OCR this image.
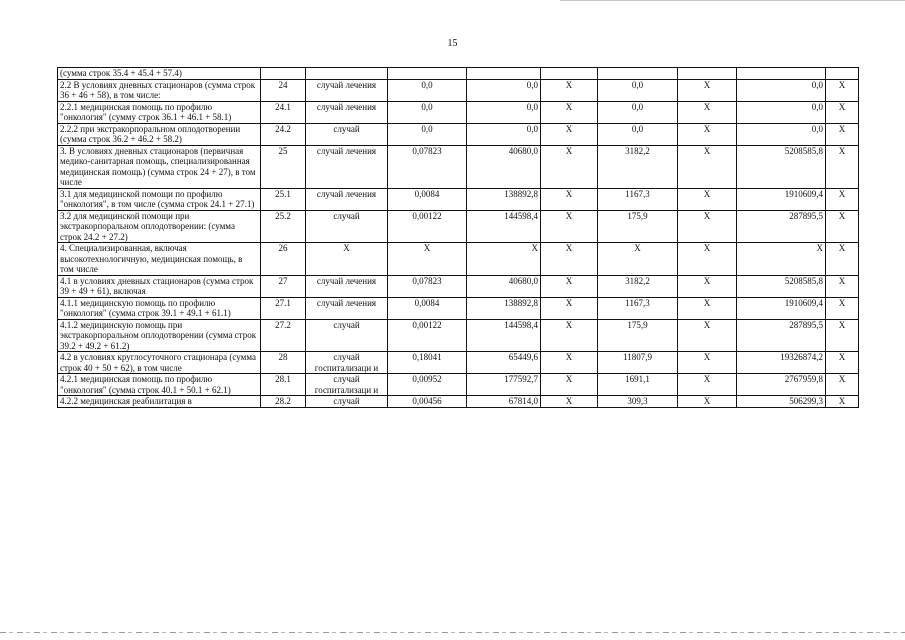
15
(сумма строк 35.4 + 45.4 + 57.4)									
2.2 В условиях дневных стационаров (сумма строк 36 + 46 + 58), в том числе:	24	случай лечения	0,0	0,0	X	0,0	X	0,0	X
2.2.1 медицинская помощь по профилю "онкология" (сумму строк 36.1 + 46.1 + 58.1)	24.1	случай лечения	0,0	0,0	X	0,0	X	0,0	X
2.2.2 при экстракорпоральном оплодотворении (сумма строк 36.2 + 46.2 + 58.2)	24.2	случай	0,0	0,0	X	0,0	X	0,0	X
3. В условиях дневных стационаров (первичная медико-санитарная помощь, специализированная медицинская помощь) (сумма строк 24 + 27), в том числе	25	случай лечения	0,07823	40680,0	X	3182,2	X	5208585,8	X
3.1 для медицинской помощи по профилю "онкология", в том числе (сумма строк 24.1 + 27.1)	25.1	случай лечения	0,0084	138892,8	X	1167,3	X	1910609,4	X
3.2 для медицинской помощи при экстракорпоральном оплодотворении: (сумма строк 24.2 + 27.2)	25.2	случай	0,00122	144598,4	X	175,9	X	287895,5	X
4. Специализированная, включая высокотехнологичную, медицинская помощь, в том числе	26	X	X	X	X	X	X	X	X
4.1 в условиях дневных стационаров (сумма строк 39 + 49 + 61), включая	27	случай лечения	0,07823	40680,0	X	3182,2	X	5208585,8	X
4.1.1 медицинскую помощь по профилю "онкология" (сумма строк 39.1 + 49.1 + 61.1)	27.1	случай лечения	0,0084	138892,8	X	1167,3	X	1910609,4	X
4.1.2 медицинскую помощь при экстракорпоральном оплодотворении (сумма строк 39.2 + 49.2 + 61.2)	27.2	случай	0,00122	144598,4	X	175,9	X	287895,5	X
4.2 в условиях круглосуточного стационара (сумма строк 40 + 50 + 62), в том числе	28	случай госпитализаци и	0,18041	65449,6	X	11807,9	X	19326874,2	X
4.2.1 медицинская помощь по профилю "онкология" (сумма строк 40.1 + 50.1 + 62.1)	28.1	случай госпитализаци и	0,00952	177592,7	X	1691,1	X	2767959,8	X
4.2.2 медицинская реабилитация в	28.2	случай	0,00456	67814,0	X	309,3	X	506299,3	X
